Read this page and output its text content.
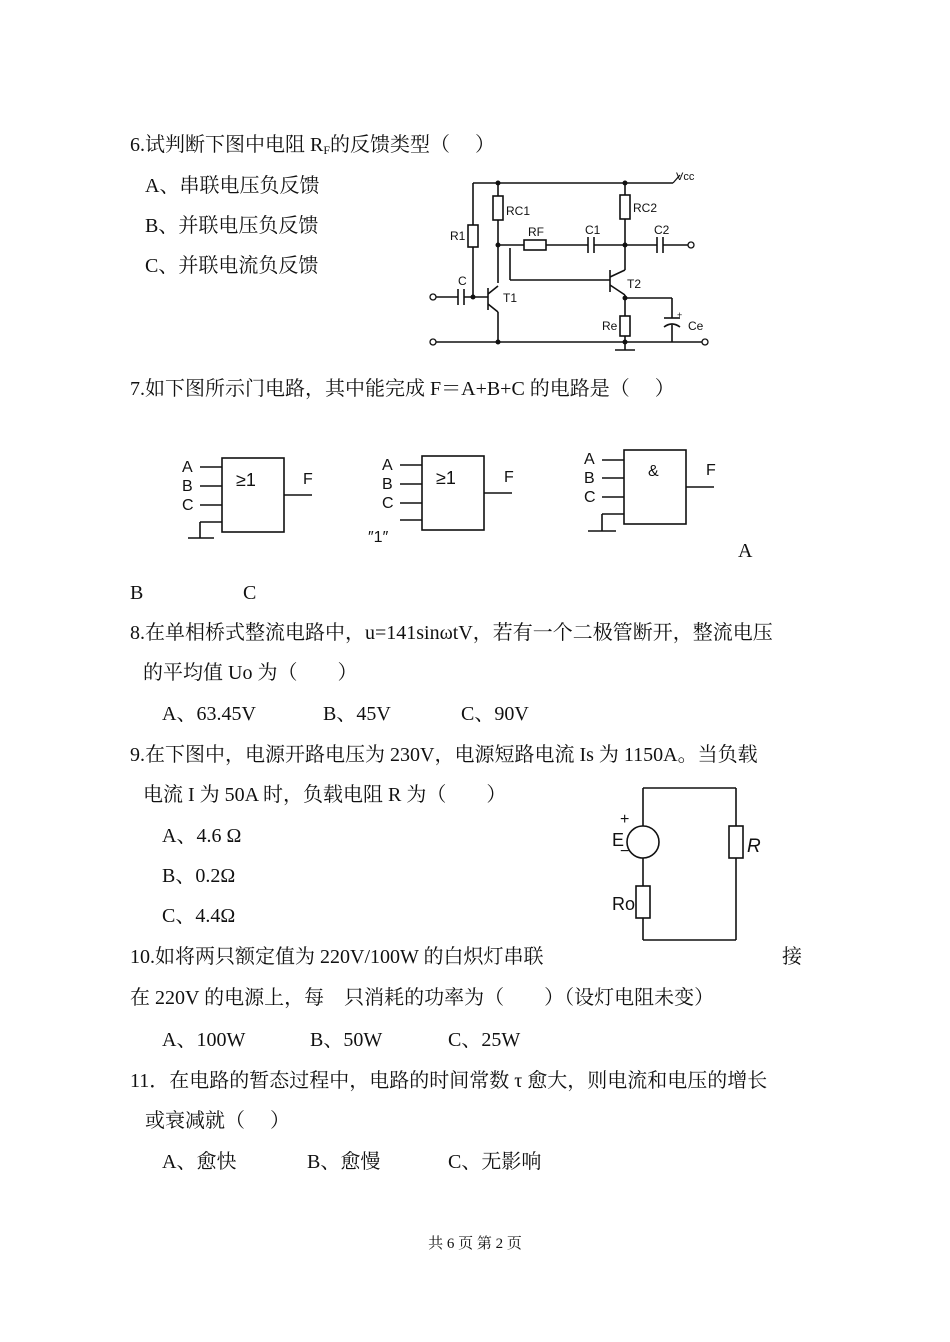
6.试判断下图中电阻 $R_F$的反馈类型（　 ）
A、串联电压负反馈
B、并联电压负反馈
C、并联电流负反馈
Vcc
R1
RC1
RF	C1
RC2
C2
T2
+
Ce
Re
T1
C
7.如下图所示门电路，其中能完成 F＝A+B+C 的电路是（　 ）
≥1
A
B
C
F	≥1
A
B
C
F
″1″
&
A
B
C
F
A
B	C
8.在单相桥式整流电路中，u=141sinωtV，若有一个二极管断开，整流电压
的平均值 Uo 为（　　）
A、63.45V	B、45V	C、90V
9.在下图中，电源开路电压为 230V，电源短路电流 Is 为 1150A。当负载
电流 I 为 50A 时，负载电阻 R 为（　　）
A、4.6 Ω
B、0.2Ω
C、4.4Ω
+
E
−	R
Ro
10.如将两只额定值为 220V/100W 的白炽灯串联	接
在 220V 的电源上，每　只消耗的功率为（　　）（设灯电阻未变）
A、100W	B、50W	C、25W
11．在电路的暂态过程中，电路的时间常数 τ 愈大，则电流和电压的增长
或衰减就（　 ）
A、愈快	B、愈慢	C、无影响
共 6 页 第 2 页
